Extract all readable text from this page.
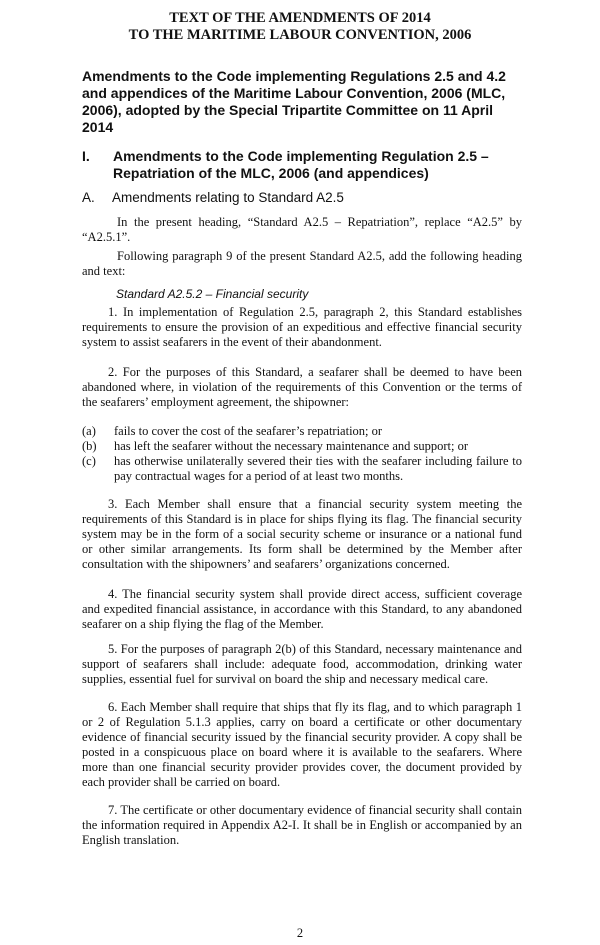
TEXT OF THE AMENDMENTS OF 2014
TO THE MARITIME LABOUR CONVENTION, 2006
Amendments to the Code implementing Regulations 2.5 and 4.2 and appendices of the Maritime Labour Convention, 2006 (MLC, 2006), adopted by the Special Tripartite Committee on 11 April 2014
I. Amendments to the Code implementing Regulation 2.5 – Repatriation of the MLC, 2006 (and appendices)
A. Amendments relating to Standard A2.5
In the present heading, “Standard A2.5 – Repatriation”, replace “A2.5” by “A2.5.1”.
Following paragraph 9 of the present Standard A2.5, add the following heading and text:
Standard A2.5.2 – Financial security
1. In implementation of Regulation 2.5, paragraph 2, this Standard establishes requirements to ensure the provision of an expeditious and effective financial security system to assist seafarers in the event of their abandonment.
2. For the purposes of this Standard, a seafarer shall be deemed to have been abandoned where, in violation of the requirements of this Convention or the terms of the seafarers’ employment agreement, the shipowner:
(a) fails to cover the cost of the seafarer’s repatriation; or
(b) has left the seafarer without the necessary maintenance and support; or
(c) has otherwise unilaterally severed their ties with the seafarer including failure to pay contractual wages for a period of at least two months.
3. Each Member shall ensure that a financial security system meeting the requirements of this Standard is in place for ships flying its flag. The financial security system may be in the form of a social security scheme or insurance or a national fund or other similar arrangements. Its form shall be determined by the Member after consultation with the shipowners’ and seafarers’ organizations concerned.
4. The financial security system shall provide direct access, sufficient coverage and expedited financial assistance, in accordance with this Standard, to any abandoned seafarer on a ship flying the flag of the Member.
5. For the purposes of paragraph 2(b) of this Standard, necessary maintenance and support of seafarers shall include: adequate food, accommodation, drinking water supplies, essential fuel for survival on board the ship and necessary medical care.
6. Each Member shall require that ships that fly its flag, and to which paragraph 1 or 2 of Regulation 5.1.3 applies, carry on board a certificate or other documentary evidence of financial security issued by the financial security provider. A copy shall be posted in a conspicuous place on board where it is available to the seafarers. Where more than one financial security provider provides cover, the document provided by each provider shall be carried on board.
7. The certificate or other documentary evidence of financial security shall contain the information required in Appendix A2-I. It shall be in English or accompanied by an English translation.
2
